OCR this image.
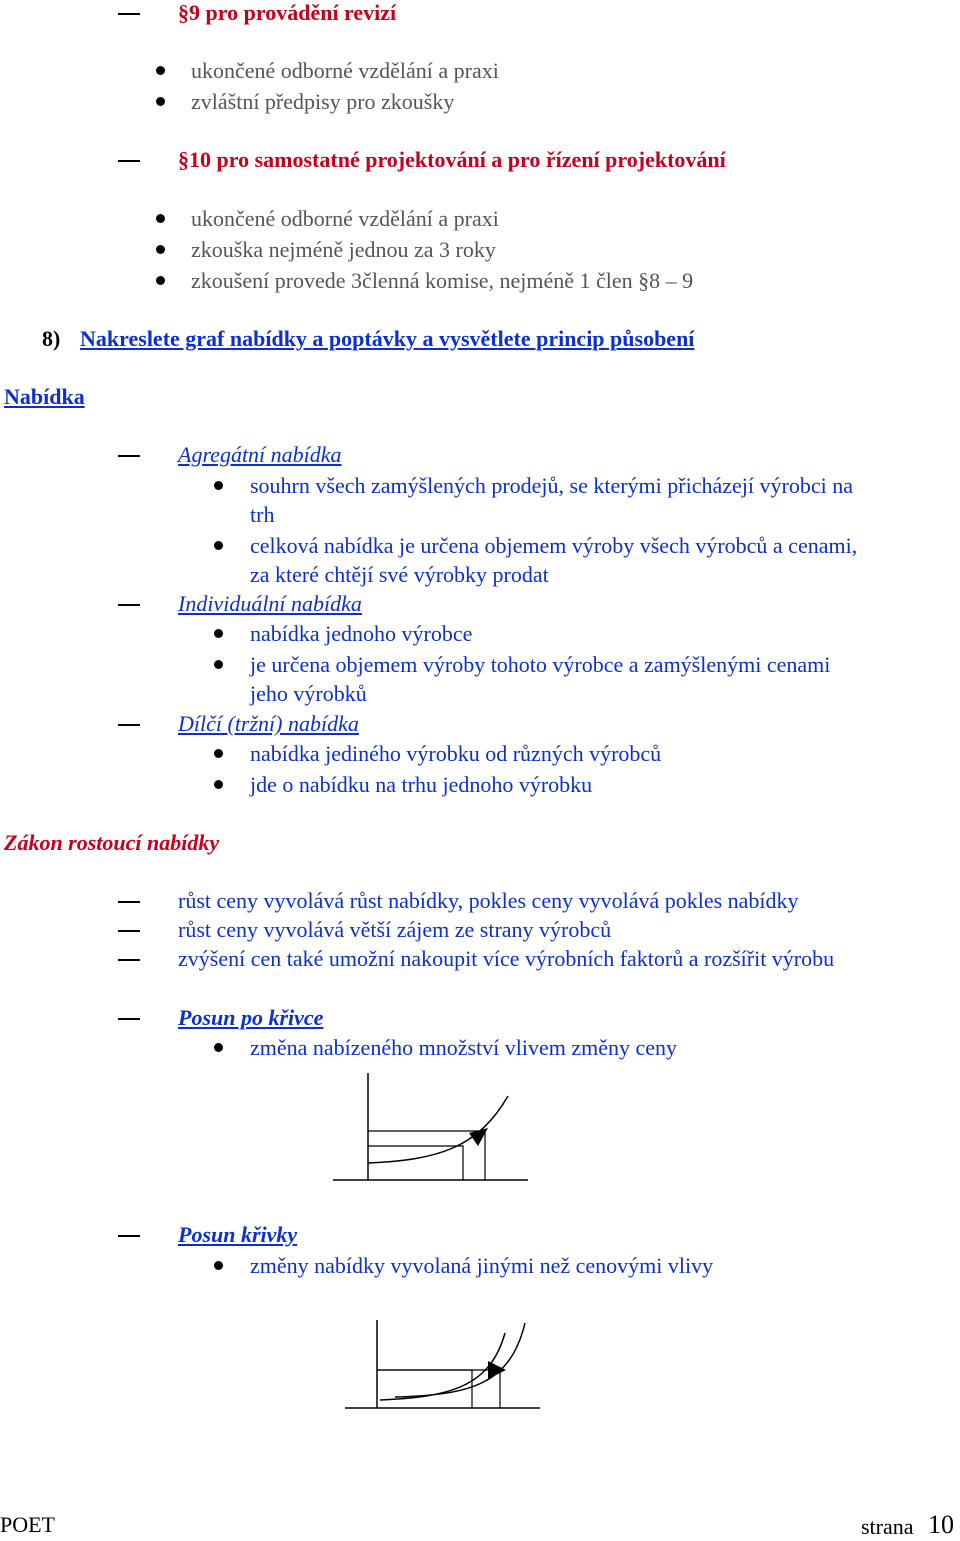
§9 pro provádění revizí
ukončené odborné vzdělání a praxi
zvláštní předpisy pro zkoušky
§10 pro samostatné projektování a pro řízení projektování
ukončené odborné vzdělání a praxi
zkouška nejméně jednou za 3 roky
zkoušení provede 3členná komise, nejméně 1 člen §8 – 9
8) Nakreslete graf nabídky a poptávky a vysvětlete princip působení
Nabídka
Agregátní nabídka
souhrn všech zamýšlených prodejů, se kterými přicházejí výrobci na
trh
celková nabídka je určena objemem výroby všech výrobců a cenami,
za které chtějí své výrobky prodat
Individuální nabídka
nabídka jednoho výrobce
je určena objemem výroby tohoto výrobce a zamýšlenými cenami
jeho výrobků
Dílčí (tržní) nabídka
nabídka jediného výrobku od různých výrobců
jde o nabídku na trhu jednoho výrobku
Zákon rostoucí nabídky
růst ceny vyvolává růst nabídky, pokles ceny vyvolává pokles nabídky
růst ceny vyvolává větší zájem ze strany výrobců
zvýšení cen také umožní nakoupit více výrobních faktorů a rozšířit výrobu
Posun po křivce
změna nabízeného množství vlivem změny ceny
Posun křivky
změny nabídky vyvolaná jinými než cenovými vlivy
POET	strana 10
